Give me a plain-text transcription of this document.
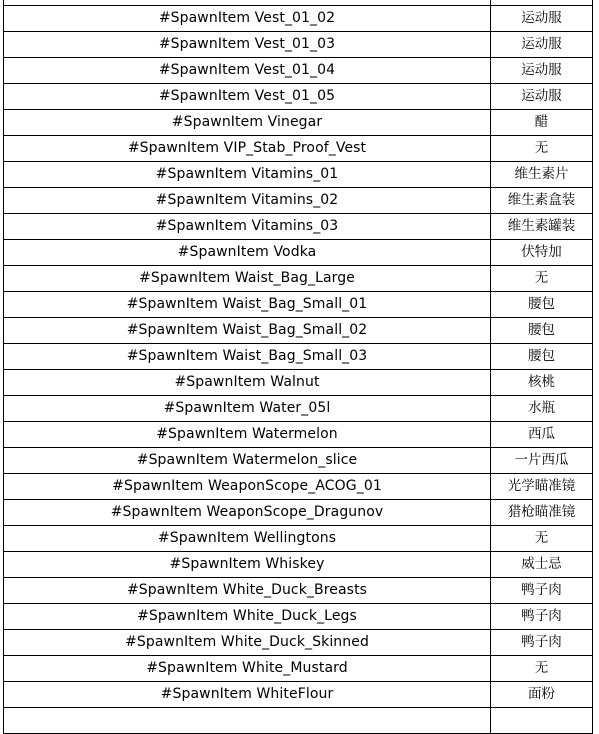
#SpawnItem Vest_01_02	运动服
#SpawnItem Vest_01_03	运动服
#SpawnItem Vest_01_04	运动服
#SpawnItem Vest_01_05	运动服
#SpawnItem Vinegar	醋
#SpawnItem VIP_Stab_Proof_Vest	无
#SpawnItem Vitamins_01	维生素片
#SpawnItem Vitamins_02	维生素盒装
#SpawnItem Vitamins_03	维生素罐装
#SpawnItem Vodka	伏特加
#SpawnItem Waist_Bag_Large	无
#SpawnItem Waist_Bag_Small_01	腰包
#SpawnItem Waist_Bag_Small_02	腰包
#SpawnItem Waist_Bag_Small_03	腰包
#SpawnItem Walnut	核桃
#SpawnItem Water_05l	水瓶
#SpawnItem Watermelon	西瓜
#SpawnItem Watermelon_slice	一片西瓜
#SpawnItem WeaponScope_ACOG_01	光学瞄准镜
#SpawnItem WeaponScope_Dragunov	猎枪瞄准镜
#SpawnItem Wellingtons	无
#SpawnItem Whiskey	威士忌
#SpawnItem White_Duck_Breasts	鸭子肉
#SpawnItem White_Duck_Legs	鸭子肉
#SpawnItem White_Duck_Skinned	鸭子肉
#SpawnItem White_Mustard	无
#SpawnItem WhiteFlour	面粉
